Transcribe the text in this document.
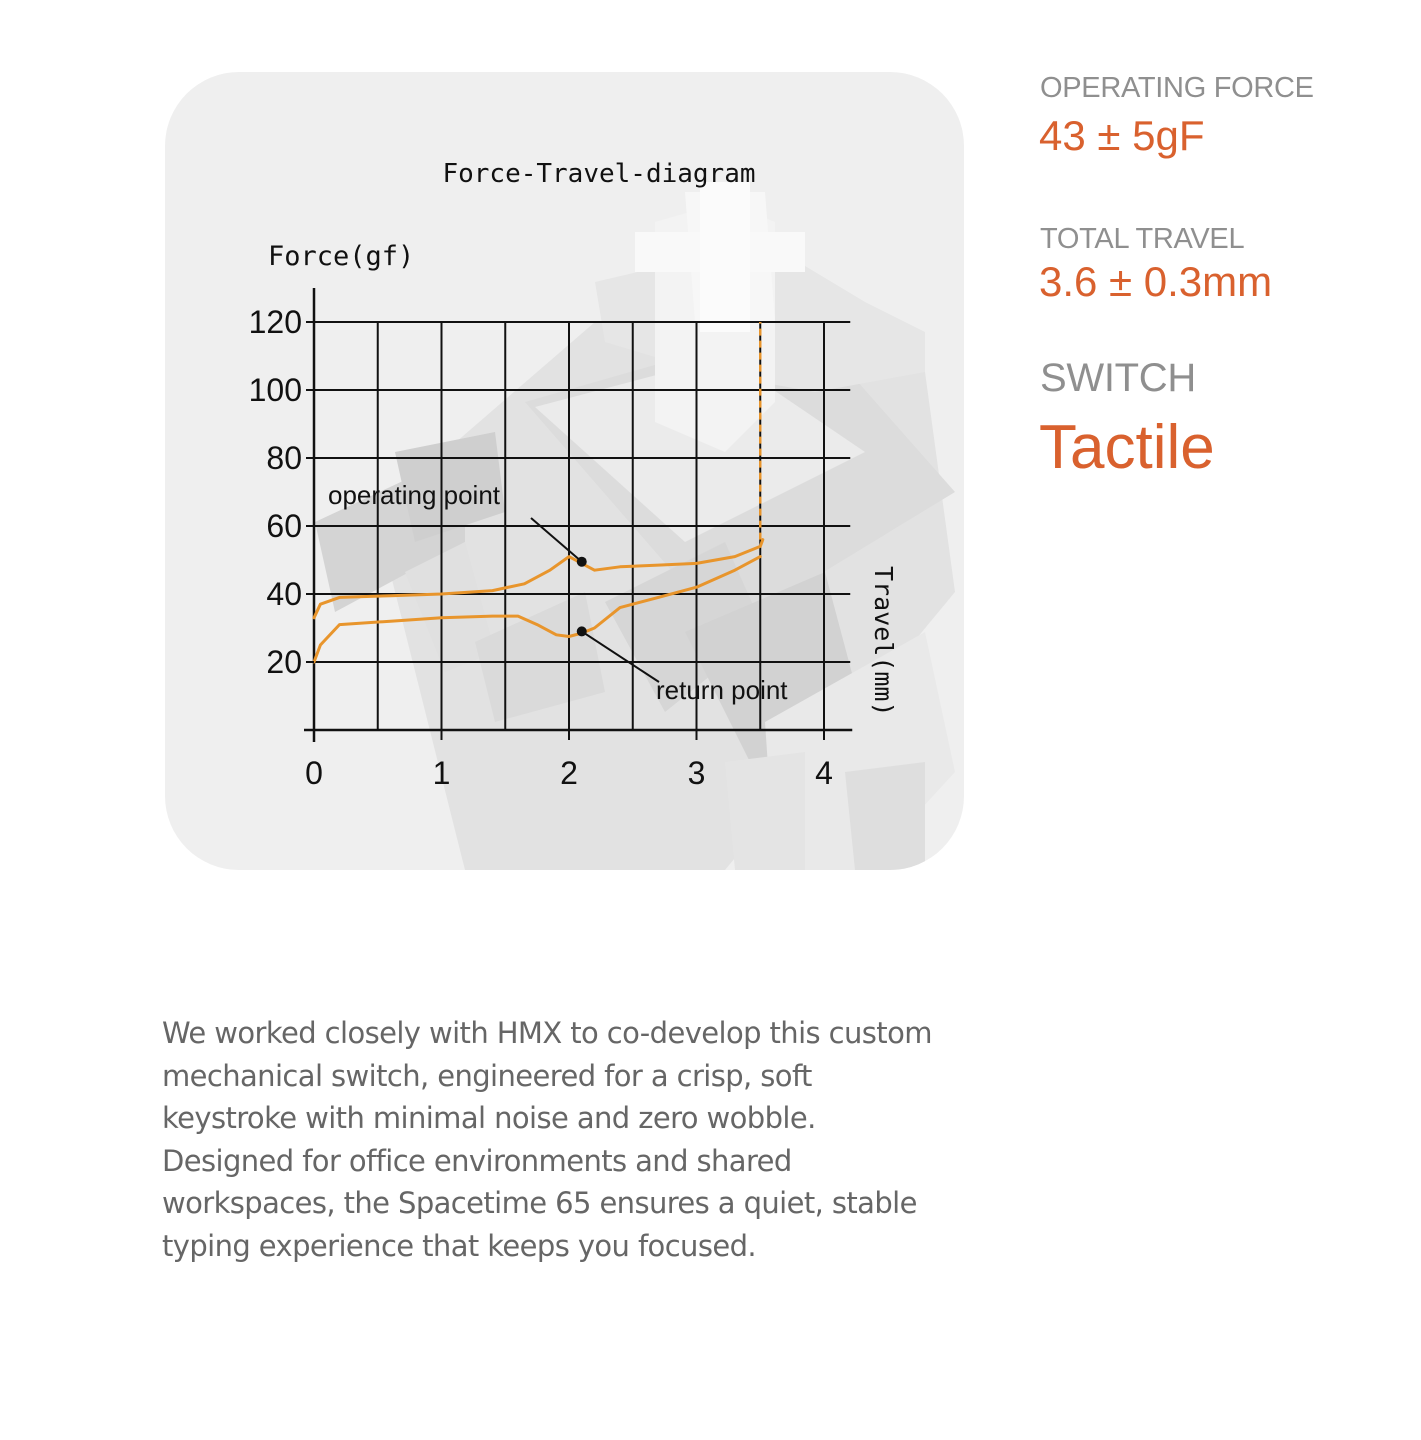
Force-Travel-diagram
Force(gf)
Travel(mm)
20
40
60
80
100
120
0	1	2	3	4
operating point
return point
OPERATING FORCE
43 ± 5gF
TOTAL TRAVEL
3.6 ± 0.3mm
SWITCH
Tactile

We worked closely with HMX to co-develop this custom mechanical switch, engineered for a crisp, soft keystroke with minimal noise and zero wobble. Designed for office environments and shared workspaces, the Spacetime 65 ensures a quiet, stable typing experience that keeps you focused.
